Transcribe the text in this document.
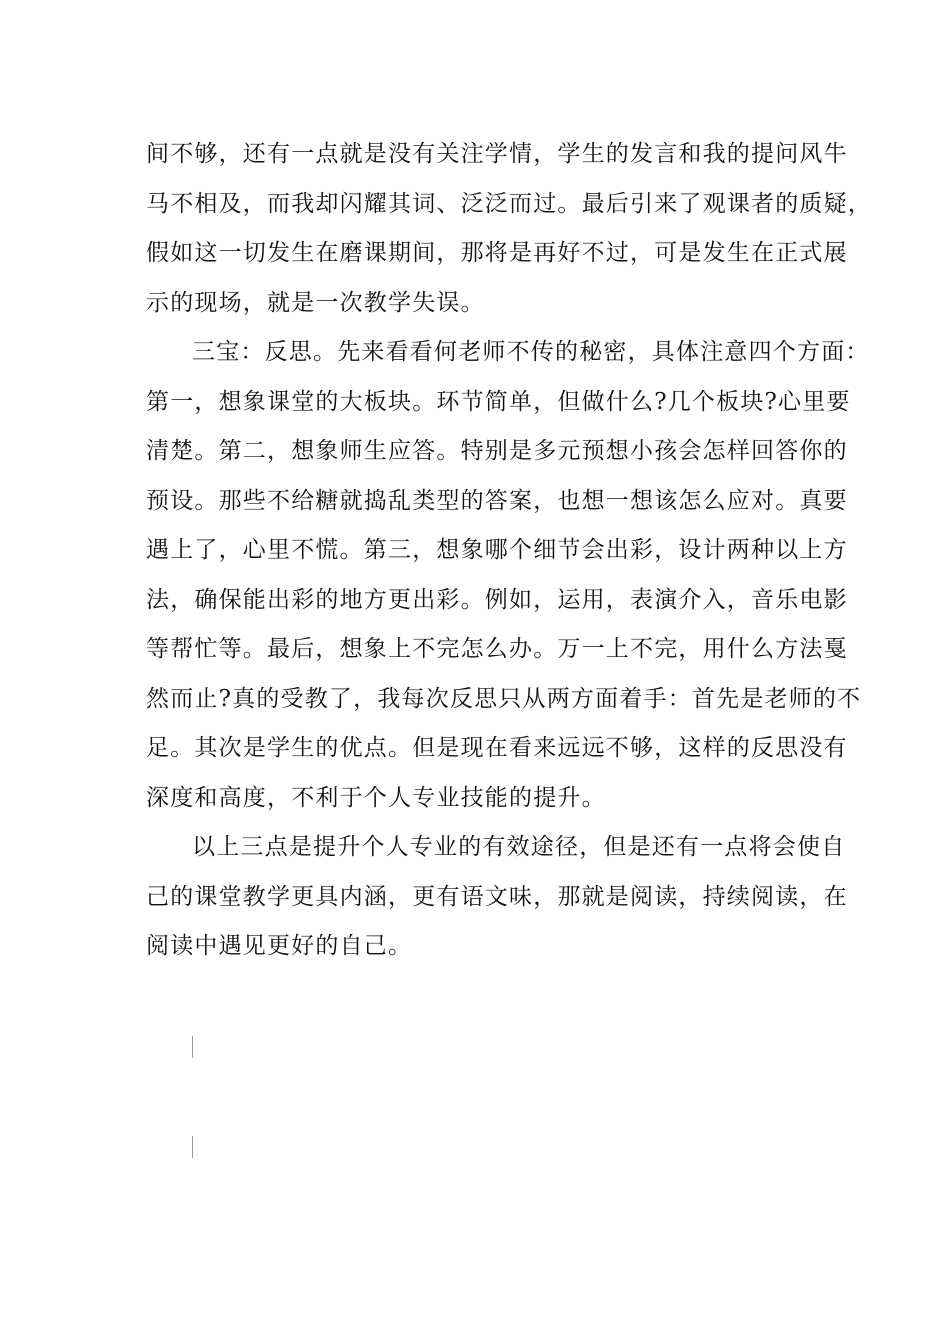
间不够，还有一点就是没有关注学情，学生的发言和我的提问风牛
马不相及，而我却闪耀其词、泛泛而过。最后引来了观课者的质疑，
假如这一切发生在磨课期间，那将是再好不过，可是发生在正式展
示的现场，就是一次教学失误。

三宝：反思。先来看看何老师不传的秘密，具体注意四个方面：
第一，想象课堂的大板块。环节简单，但做什么?几个板块?心里要
清楚。第二，想象师生应答。特别是多元预想小孩会怎样回答你的
预设。那些不给糖就捣乱类型的答案，也想一想该怎么应对。真要
遇上了，心里不慌。第三，想象哪个细节会出彩，设计两种以上方
法，确保能出彩的地方更出彩。例如，运用，表演介入，音乐电影
等帮忙等。最后，想象上不完怎么办。万一上不完，用什么方法戛
然而止?真的受教了，我每次反思只从两方面着手：首先是老师的不
足。其次是学生的优点。但是现在看来远远不够，这样的反思没有
深度和高度，不利于个人专业技能的提升。

以上三点是提升个人专业的有效途径，但是还有一点将会使自
己的课堂教学更具内涵，更有语文味，那就是阅读，持续阅读，在
阅读中遇见更好的自己。
